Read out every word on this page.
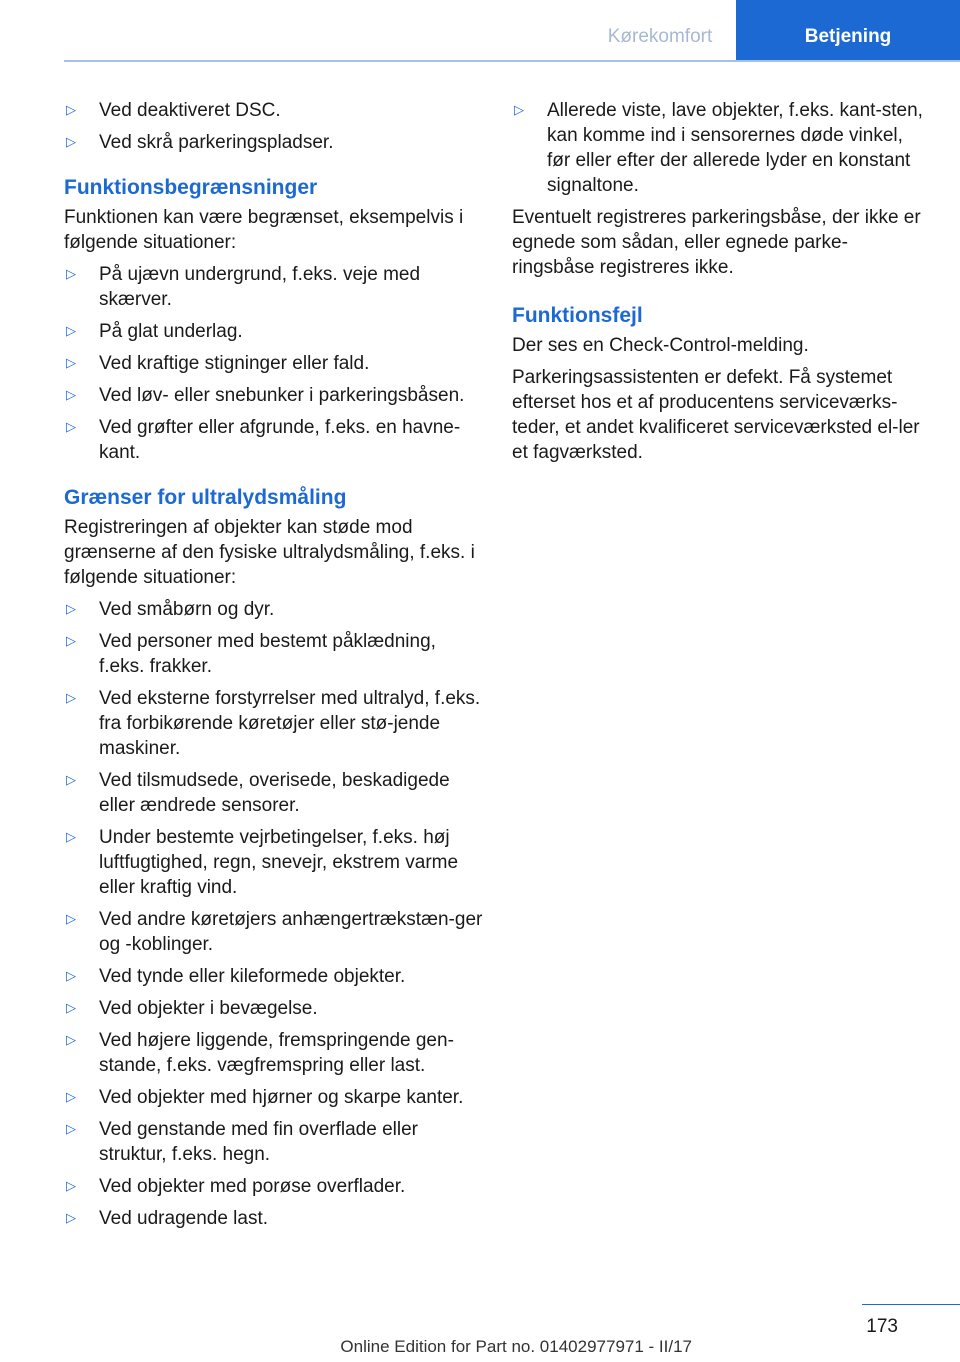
Kørekomfort	Betjening
▷ Ved deaktiveret DSC.
▷ Ved skrå parkeringspladser.
Funktionsbegrænsninger

Funktionen kan være begrænset, eksempelvis i følgende situationer:

▷ På ujævn undergrund, f.eks. veje med skærver.
▷ På glat underlag.
▷ Ved kraftige stigninger eller fald.
▷ Ved løv- eller snebunker i parkeringsbåsen.
▷ Ved grøfter eller afgrunde, f.eks. en havne-kant.
Grænser for ultralydsmåling

Registreringen af objekter kan støde mod grænserne af den fysiske ultralydsmåling, f.eks. i følgende situationer:

▷ Ved småbørn og dyr.
▷ Ved personer med bestemt påklædning, f.eks. frakker.
▷ Ved eksterne forstyrrelser med ultralyd, f.eks. fra forbikørende køretøjer eller stø-jende maskiner.
▷ Ved tilsmudsede, overisede, beskadigede eller ændrede sensorer.
▷ Under bestemte vejrbetingelser, f.eks. høj luftfugtighed, regn, snevejr, ekstrem varme eller kraftig vind.
▷ Ved andre køretøjers anhængertrækstæn-ger og -koblinger.
▷ Ved tynde eller kileformede objekter.
▷ Ved objekter i bevægelse.
▷ Ved højere liggende, fremspringende gen-stande, f.eks. vægfremspring eller last.
▷ Ved objekter med hjørner og skarpe kanter.
▷ Ved genstande med fin overflade eller struktur, f.eks. hegn.
▷ Ved objekter med porøse overflader.
▷ Ved udragende last.
▷ Allerede viste, lave objekter, f.eks. kant-sten, kan komme ind i sensorernes døde vinkel, før eller efter der allerede lyder en konstant signaltone.

Eventuelt registreres parkeringsbåse, der ikke er egnede som sådan, eller egnede parke-ringsbåse registreres ikke.

Funktionsfejl

Der ses en Check-Control-melding.

Parkeringsassistenten er defekt. Få systemet efterset hos et af producentens serviceværks-teder, et andet kvalificeret serviceværksted el-ler et fagværksted.

173
Online Edition for Part no. 01402977971 - II/17
